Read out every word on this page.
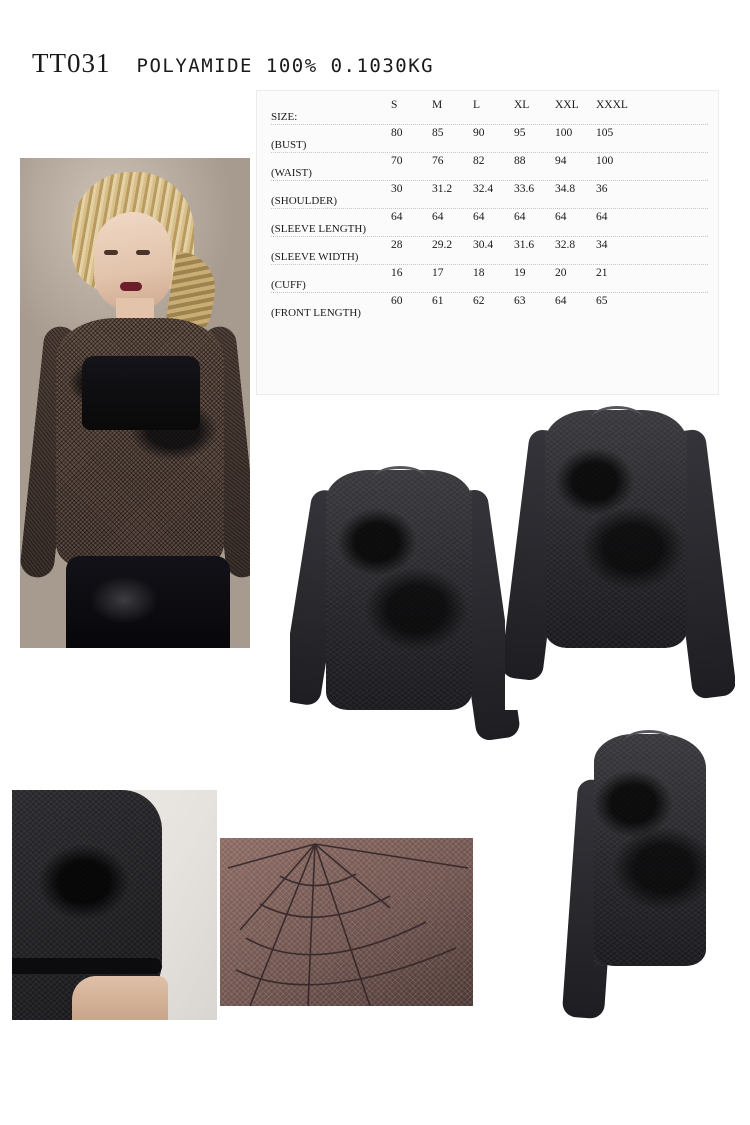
TT031 POLYAMIDE 100% 0.1030KG
S	M	L	XL	XXL	XXXL
SIZE:
80	85	90	95	100	105
(BUST)
70	76	82	88	94	100
(WAIST)
30	31.2	32.4	33.6	34.8	36
(SHOULDER)
64	64	64	64	64	64
(SLEEVE LENGTH)
28	29.2	30.4	31.6	32.8	34
(SLEEVE WIDTH)
16	17	18	19	20	21
(CUFF)
60	61	62	63	64	65
(FRONT LENGTH)
